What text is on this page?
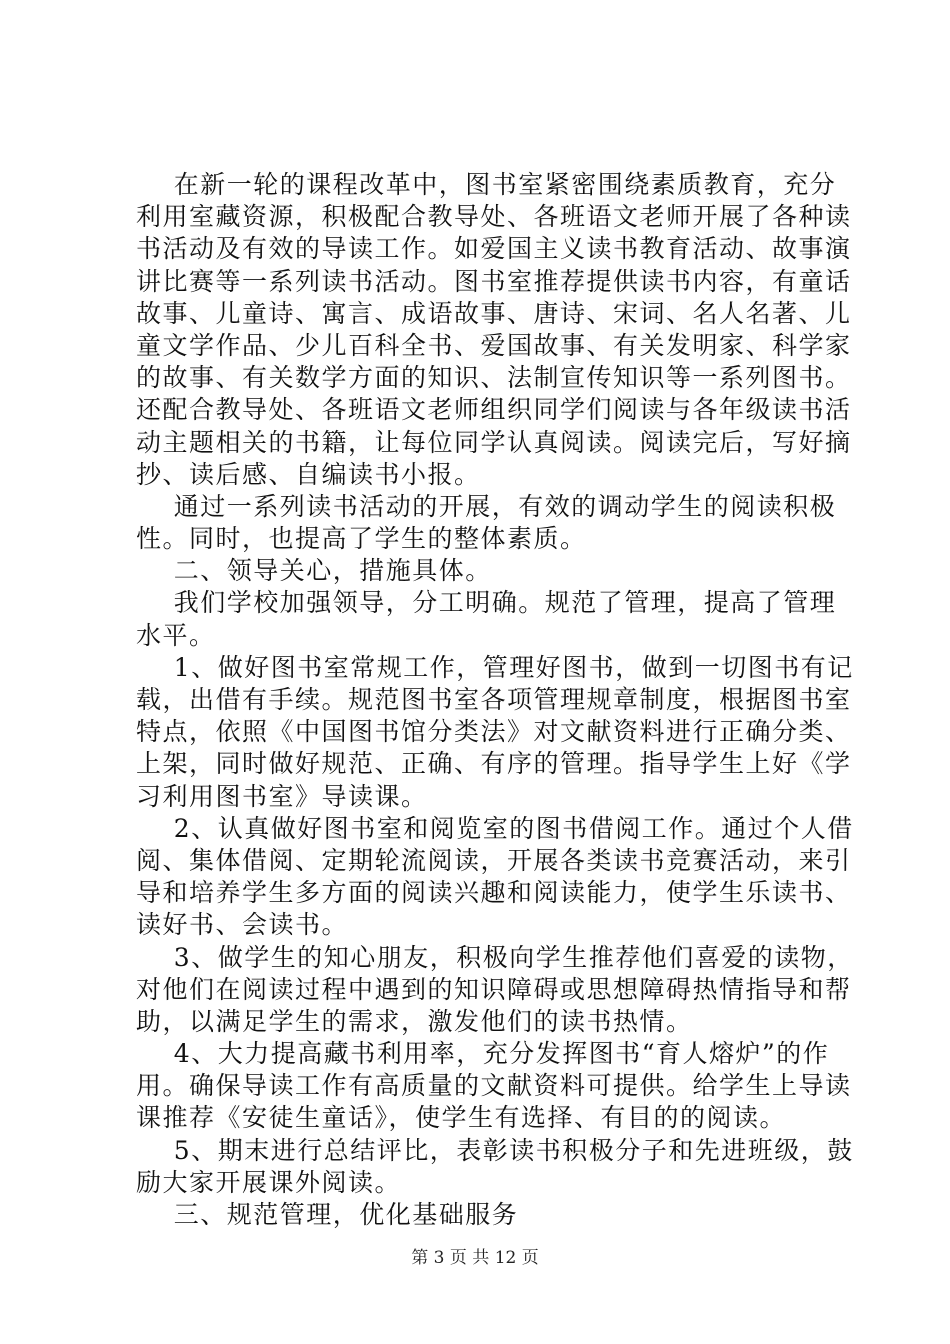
在新一轮的课程改革中，图书室紧密围绕素质教育，充分
利用室藏资源，积极配合教导处、各班语文老师开展了各种读
书活动及有效的导读工作。如爱国主义读书教育活动、故事演
讲比赛等一系列读书活动。图书室推荐提供读书内容，有童话
故事、儿童诗、寓言、成语故事、唐诗、宋词、名人名著、儿
童文学作品、少儿百科全书、爱国故事、有关发明家、科学家
的故事、有关数学方面的知识、法制宣传知识等一系列图书。
还配合教导处、各班语文老师组织同学们阅读与各年级读书活
动主题相关的书籍，让每位同学认真阅读。阅读完后，写好摘
抄、读后感、自编读书小报。
通过一系列读书活动的开展，有效的调动学生的阅读积极
性。同时，也提高了学生的整体素质。
二、领导关心，措施具体。
我们学校加强领导，分工明确。规范了管理，提高了管理
水平。
1、做好图书室常规工作，管理好图书，做到一切图书有记
载，出借有手续。规范图书室各项管理规章制度，根据图书室
特点，依照《中国图书馆分类法》对文献资料进行正确分类、
上架，同时做好规范、正确、有序的管理。指导学生上好《学
习利用图书室》导读课。
2、认真做好图书室和阅览室的图书借阅工作。通过个人借
阅、集体借阅、定期轮流阅读，开展各类读书竞赛活动，来引
导和培养学生多方面的阅读兴趣和阅读能力，使学生乐读书、
读好书、会读书。
3、做学生的知心朋友，积极向学生推荐他们喜爱的读物，
对他们在阅读过程中遇到的知识障碍或思想障碍热情指导和帮
助，以满足学生的需求，激发他们的读书热情。
4、大力提高藏书利用率，充分发挥图书“育人熔炉”的作
用。确保导读工作有高质量的文献资料可提供。给学生上导读
课推荐《安徒生童话》，使学生有选择、有目的的阅读。
5、期末进行总结评比，表彰读书积极分子和先进班级，鼓
励大家开展课外阅读。
三、规范管理，优化基础服务
第 3 页 共 12 页
